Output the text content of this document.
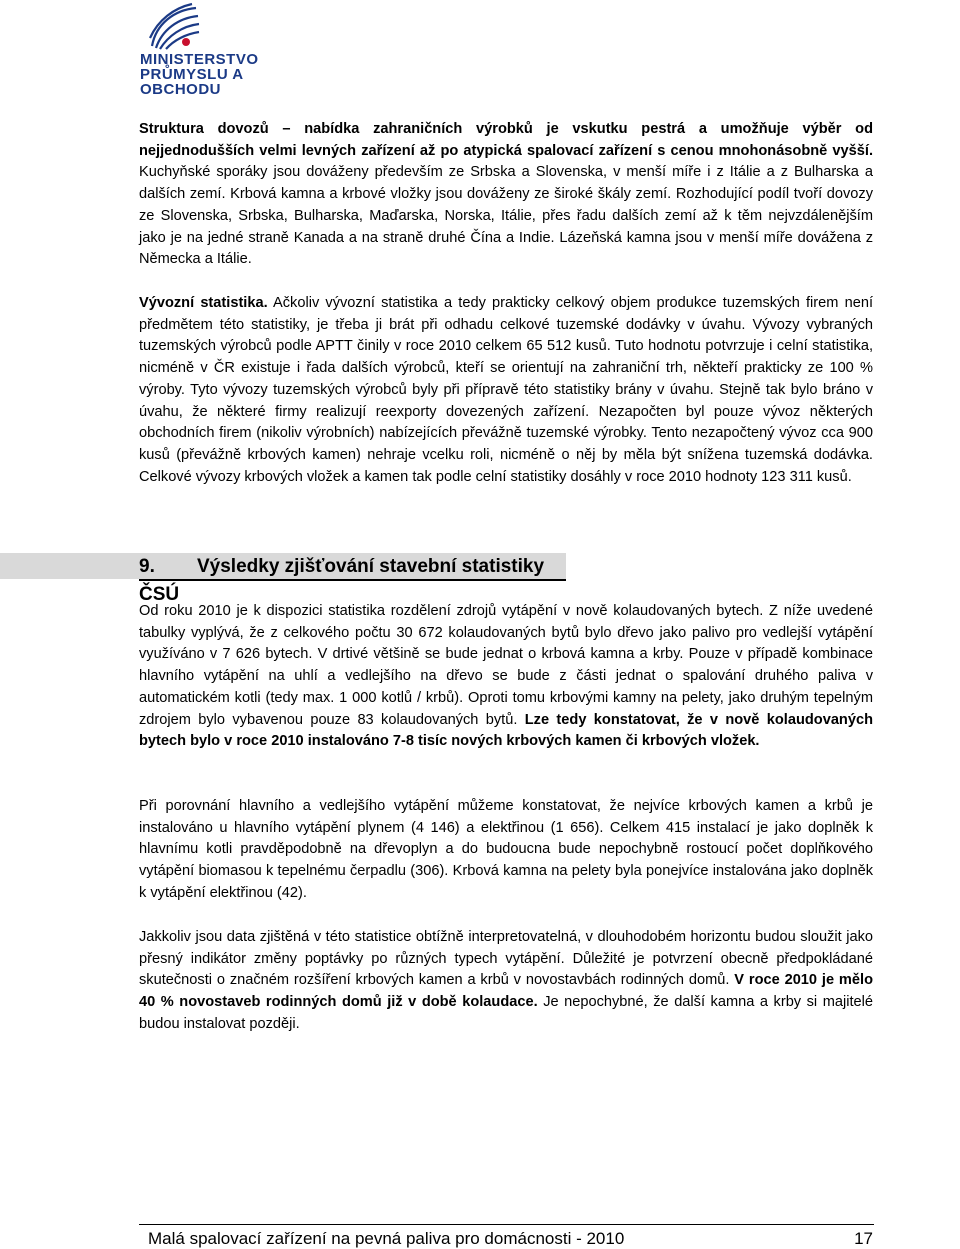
MINISTERSTVO
PRŮMYSLU A OBCHODU

Struktura dovozů – nabídka zahraničních výrobků je vskutku pestrá a umožňuje výběr od nejjednodušších velmi levných zařízení až po atypická spalovací zařízení s cenou mnohonásobně vyšší. Kuchyňské sporáky jsou dováženy především ze Srbska a Slovenska, v menší míře i z Itálie a z Bulharska a dalších zemí. Krbová kamna a krbové vložky jsou dováženy ze široké škály zemí. Rozhodující podíl tvoří dovozy ze Slovenska, Srbska, Bulharska, Maďarska, Norska, Itálie, přes řadu dalších zemí až k těm nejvzdálenějším jako je na jedné straně Kanada a na straně druhé Čína a Indie. Lázeňská kamna jsou v menší míře dovážena z Německa a Itálie.

Vývozní statistika. Ačkoliv vývozní statistika a tedy prakticky celkový objem produkce tuzemských firem není předmětem této statistiky, je třeba ji brát při odhadu celkové tuzemské dodávky v úvahu. Vývozy vybraných tuzemských výrobců podle APTT činily v roce 2010 celkem 65 512 kusů. Tuto hodnotu potvrzuje i celní statistika, nicméně v ČR existuje i řada dalších výrobců, kteří se orientují na zahraniční trh, někteří prakticky ze 100 % výroby. Tyto vývozy tuzemských výrobců byly při přípravě této statistiky brány v úvahu. Stejně tak bylo bráno v úvahu, že některé firmy realizují reexporty dovezených zařízení. Nezapočten byl pouze vývoz některých obchodních firem (nikoliv výrobních) nabízejících převážně tuzemské výrobky. Tento nezapočtený vývoz cca 900 kusů (převážně krbových kamen) nehraje vcelku roli, nicméně o něj by měla být snížena tuzemská dodávka. Celkové vývozy krbových vložek a kamen tak podle celní statistiky dosáhly v roce 2010 hodnoty 123 311 kusů.

9. Výsledky zjišťování stavební statistiky ČSÚ

Od roku 2010 je k dispozici statistika rozdělení zdrojů vytápění v nově kolaudovaných bytech. Z níže uvedené tabulky vyplývá, že z celkového počtu 30 672 kolaudovaných bytů bylo dřevo jako palivo pro vedlejší vytápění využíváno v 7 626 bytech. V drtivé většině se bude jednat o krbová kamna a krby. Pouze v případě kombinace hlavního vytápění na uhlí a vedlejšího na dřevo se bude z části jednat o spalování druhého paliva v automatickém kotli (tedy max. 1 000 kotlů / krbů). Oproti tomu krbovými kamny na pelety, jako druhým tepelným zdrojem bylo vybavenou pouze 83 kolaudovaných bytů. Lze tedy konstatovat, že v nově kolaudovaných bytech bylo v roce 2010 instalováno 7-8 tisíc nových krbových kamen či krbových vložek.

Při porovnání hlavního a vedlejšího vytápění můžeme konstatovat, že nejvíce krbových kamen a krbů je instalováno u hlavního vytápění plynem (4 146) a elektřinou (1 656). Celkem 415 instalací je jako doplněk k hlavnímu kotli pravděpodobně na dřevoplyn a do budoucna bude nepochybně rostoucí počet doplňkového vytápění biomasou k tepelnému čerpadlu (306). Krbová kamna na pelety byla ponejvíce instalována jako doplněk k vytápění elektřinou (42).

Jakkoliv jsou data zjištěná v této statistice obtížně interpretovatelná, v dlouhodobém horizontu budou sloužit jako přesný indikátor změny poptávky po různých typech vytápění. Důležité je potvrzení obecně předpokládané skutečnosti o značném rozšíření krbových kamen a krbů v novostavbách rodinných domů. V roce 2010 je mělo 40 % novostaveb rodinných domů již v době kolaudace. Je nepochybné, že další kamna a krby si majitelé budou instalovat později.

Malá spalovací zařízení na pevná paliva pro domácnosti - 2010	17
